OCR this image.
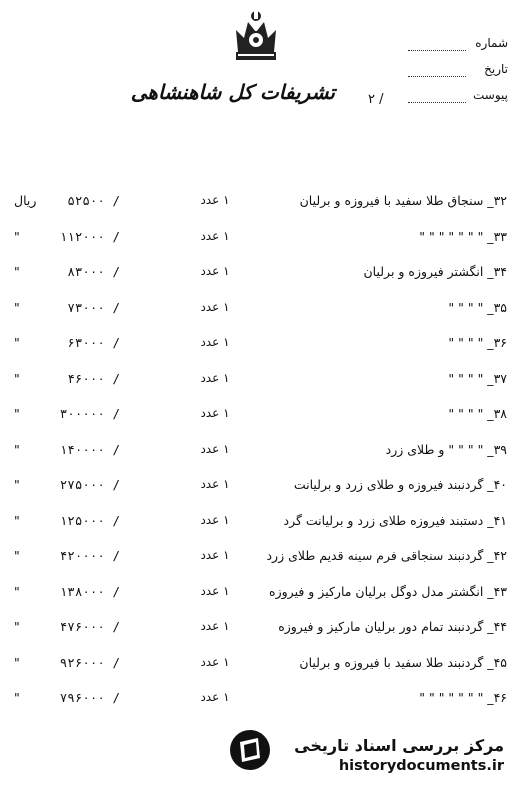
تشریفات کل شاهنشاهی	/ ۲
شماره
تاریخ
پیوست
۳۲_ سنجاق طلا سفید با فیروزه و برلیان
۱ عدد
۵۲۵۰۰ /
ریال
۳۳_ " " " " " " "
۱ عدد
۱۱۲۰۰۰ /
"
۳۴_ انگشتر فیروزه و برلیان
۱ عدد
۸۳۰۰۰ /
"
۳۵_ " " " "
۱ عدد
۷۳۰۰۰ /
"
۳۶_ " " " "
۱ عدد
۶۳۰۰۰ /
"
۳۷_ " " " "
۱ عدد
۴۶۰۰۰ /
"
۳۸_ " " " "
۱ عدد
۳۰۰۰۰۰ /
"
۳۹_ " " " " و طلای زرد
۱ عدد
۱۴۰۰۰۰ /
"
۴۰_ گردنبند فیروزه و طلای زرد و برلیانت
۱ عدد
۲۷۵۰۰۰ /
"
۴۱_ دستبند فیروزه طلای زرد و برلیانت گرد
۱ عدد
۱۲۵۰۰۰ /
"
۴۲_ گردنبند سنجاقی فرم سینه قدیم طلای زرد
۱ عدد
۴۲۰۰۰۰ /
"
۴۳_ انگشتر مدل دوگل برلیان مارکیز و فیروزه
۱ عدد
۱۳۸۰۰۰ /
"
۴۴_ گردنبند تمام دور برلیان مارکیز و فیروزه
۱ عدد
۴۷۶۰۰۰ /
"
۴۵_ گردنبند طلا سفید با فیروزه و برلیان
۱ عدد
۹۲۶۰۰۰ /
"
۴۶_ " " " " " " "
۱ عدد
۷۹۶۰۰۰ /
"
مرکز بررسی اسناد تاریخی
historydocuments.ir
